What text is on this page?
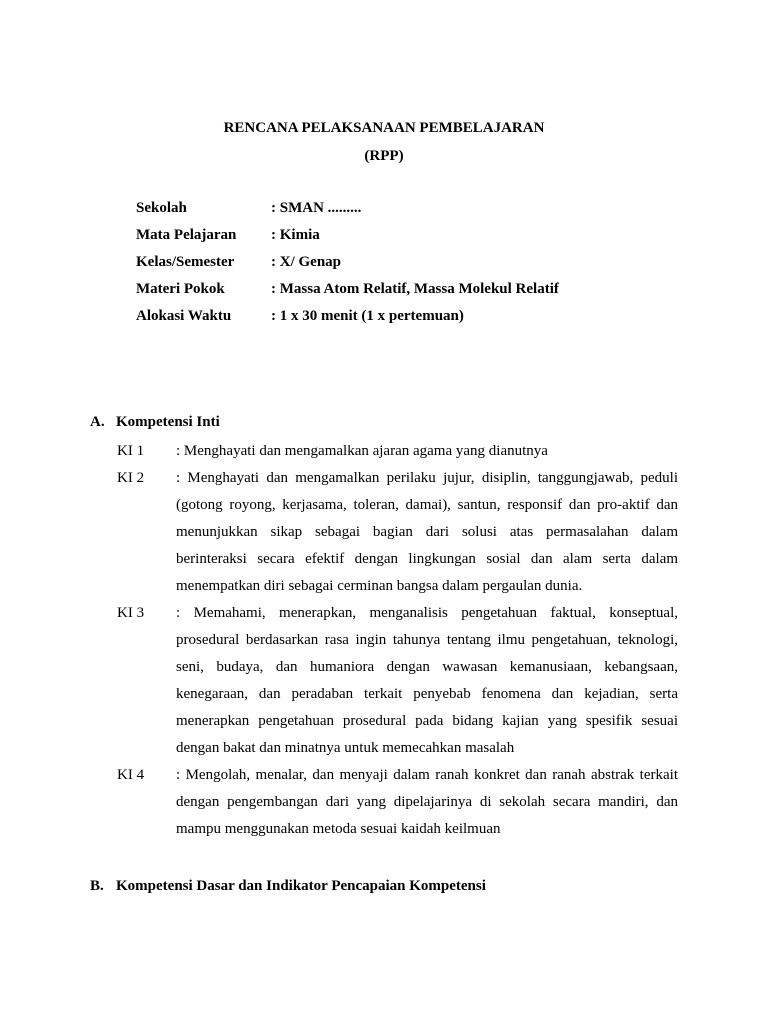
RENCANA PELAKSANAAN PEMBELAJARAN
(RPP)
Sekolah	: SMAN .........
Mata Pelajaran : Kimia
Kelas/Semester : X/ Genap
Materi Pokok	: Massa Atom Relatif, Massa Molekul Relatif
Alokasi Waktu	: 1 x 30 menit (1 x pertemuan)
A. Kompetensi Inti
KI 1 : Menghayati dan mengamalkan ajaran agama yang dianutnya

KI 2 : Menghayati dan mengamalkan perilaku jujur, disiplin, tanggungjawab, peduli (gotong royong, kerjasama, toleran, damai), santun, responsif dan pro-aktif dan menunjukkan sikap sebagai bagian dari solusi atas permasalahan dalam berinteraksi secara efektif dengan lingkungan sosial dan alam serta dalam menempatkan diri sebagai cerminan bangsa dalam pergaulan dunia.

KI 3 : Memahami, menerapkan, menganalisis pengetahuan faktual, konseptual, prosedural berdasarkan rasa ingin tahunya tentang ilmu pengetahuan, teknologi, seni, budaya, dan humaniora dengan wawasan kemanusiaan, kebangsaan, kenegaraan, dan peradaban terkait penyebab fenomena dan kejadian, serta menerapkan pengetahuan prosedural pada bidang kajian yang spesifik sesuai dengan bakat dan minatnya untuk memecahkan masalah

KI 4 : Mengolah, menalar, dan menyaji dalam ranah konkret dan ranah abstrak terkait dengan pengembangan dari yang dipelajarinya di sekolah secara mandiri, dan mampu menggunakan metoda sesuai kaidah keilmuan

B. Kompetensi Dasar dan Indikator Pencapaian Kompetensi
